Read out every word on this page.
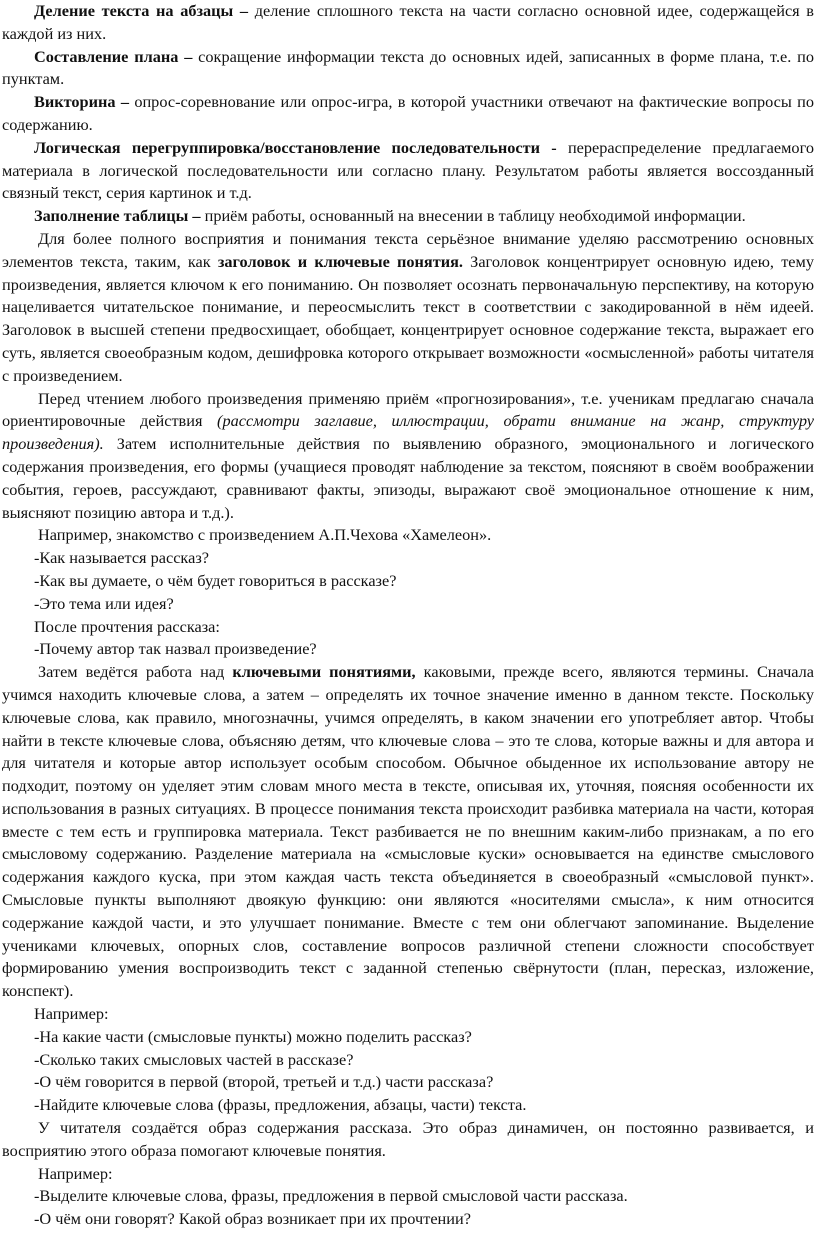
Деление текста на абзацы – деление сплошного текста на части согласно основной идее, содержащейся в каждой из них.

Составление плана – сокращение информации текста до основных идей, записанных в форме плана, т.е. по пунктам.

Викторина – опрос-соревнование или опрос-игра, в которой участники отвечают на фактические вопросы по содержанию.

Логическая перегруппировка/восстановление последовательности - перераспределение предлагаемого материала в логической последовательности или согласно плану. Результатом работы является воссозданный связный текст, серия картинок и т.д.

Заполнение таблицы – приём работы, основанный на внесении в таблицу необходимой информации.

Для более полного восприятия и понимания текста серьёзное внимание уделяю рассмотрению основных элементов текста, таким, как заголовок и ключевые понятия. Заголовок концентрирует основную идею, тему произведения, является ключом к его пониманию. Он позволяет осознать первоначальную перспективу, на которую нацеливается читательское понимание, и переосмыслить текст в соответствии с закодированной в нём идеей. Заголовок в высшей степени предвосхищает, обобщает, концентрирует основное содержание текста, выражает его суть, является своеобразным кодом, дешифровка которого открывает возможности «осмысленной» работы читателя с произведением.

Перед чтением любого произведения применяю приём «прогнозирования», т.е. ученикам предлагаю сначала ориентировочные действия (рассмотри заглавие, иллюстрации, обрати внимание на жанр, структуру произведения). Затем исполнительные действия по выявлению образного, эмоционального и логического содержания произведения, его формы (учащиеся проводят наблюдение за текстом, поясняют в своём воображении события, героев, рассуждают, сравнивают факты, эпизоды, выражают своё эмоциональное отношение к ним, выясняют позицию автора и т.д.).

Например, знакомство с произведением А.П.Чехова «Хамелеон».

-Как называется рассказ?

-Как вы думаете, о чём будет говориться в рассказе?

-Это тема или идея?

После прочтения рассказа:

-Почему автор так назвал произведение?

Затем ведётся работа над ключевыми понятиями, каковыми, прежде всего, являются термины. Сначала учимся находить ключевые слова, а затем – определять их точное значение именно в данном тексте. Поскольку ключевые слова, как правило, многозначны, учимся определять, в каком значении его употребляет автор. Чтобы найти в тексте ключевые слова, объясняю детям, что ключевые слова – это те слова, которые важны и для автора и для читателя и которые автор использует особым способом. Обычное обыденное их использование автору не подходит, поэтому он уделяет этим словам много места в тексте, описывая их, уточняя, поясняя особенности их использования в разных ситуациях. В процессе понимания текста происходит разбивка материала на части, которая вместе с тем есть и группировка материала. Текст разбивается не по внешним каким-либо признакам, а по его смысловому содержанию. Разделение материала на «смысловые куски» основывается на единстве смыслового содержания каждого куска, при этом каждая часть текста объединяется в своеобразный «смысловой пункт». Смысловые пункты выполняют двоякую функцию: они являются «носителями смысла», к ним относится содержание каждой части, и это улучшает понимание. Вместе с тем они облегчают запоминание. Выделение учениками ключевых, опорных слов, составление вопросов различной степени сложности способствует формированию умения воспроизводить текст с заданной степенью свёрнутости (план, пересказ, изложение, конспект).

Например:

-На какие части (смысловые пункты) можно поделить рассказ?

-Сколько таких смысловых частей в рассказе?

-О чём говорится в первой (второй, третьей и т.д.) части рассказа?

-Найдите ключевые слова (фразы, предложения, абзацы, части) текста.

У читателя создаётся образ содержания рассказа. Это образ динамичен, он постоянно развивается, и восприятию этого образа помогают ключевые понятия.

Например:

-Выделите ключевые слова, фразы, предложения в первой смысловой части рассказа.

-О чём они говорят? Какой образ возникает при их прочтении?
